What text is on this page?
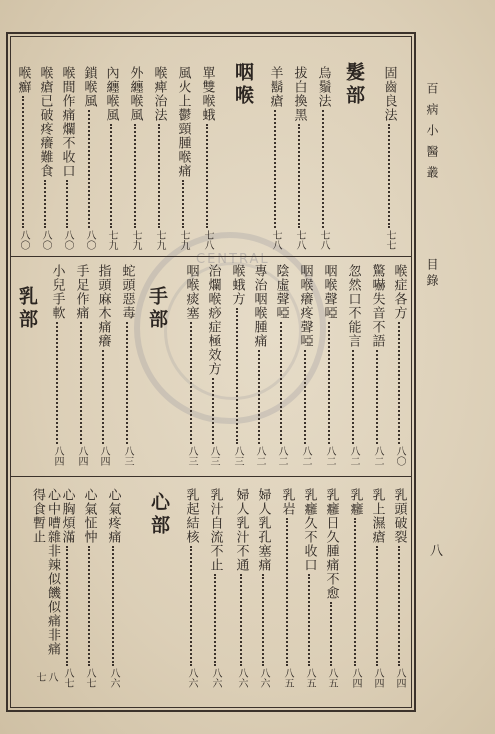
CENTRAL
百病小醫叢
目錄
八
髮部
咽喉
手部
乳部
心部
固齒良法
七七
烏鬚法
七八
拔白換黑
七八
羊鬍瘡
七八
單雙喉蛾
七八
風火上鬱頸腫喉痛
七九
喉痺治法
七九
外纏喉風
七九
內纏喉風
七九
鎖喉風
八〇
喉間作痛爛不收口
八〇
喉瘡已破疼癢難食
八〇
喉癬
八〇
喉症各方
八〇
驚嚇失音不語
八二
忽然口不能言
八二
咽喉聲啞
八二
咽喉癢疼聲啞
八二
陰虛聲啞
八二
專治咽喉腫痛
八二
喉蛾方
八三
治爛喉痧症極效方
八三
咽喉痰塞
八三
蛇頭惡毒
八三
指頭麻木痛癢
八四
手足作痛
八四
小兒手軟
八四
乳頭破裂
八四
乳上濕瘡
八四
乳癰
八四
乳癰日久腫痛不愈
八五
乳癰久不收口
八五
乳岩
八五
婦人乳孔塞痛
八六
婦人乳汁不通
八六
乳汁自流不止
八六
乳起結核
八六
心氣疼痛
八六
心氣怔忡
八七
心胸煩滿
八七
心中嘈雜非辣似饑似痛非痛得食暫止
八七
